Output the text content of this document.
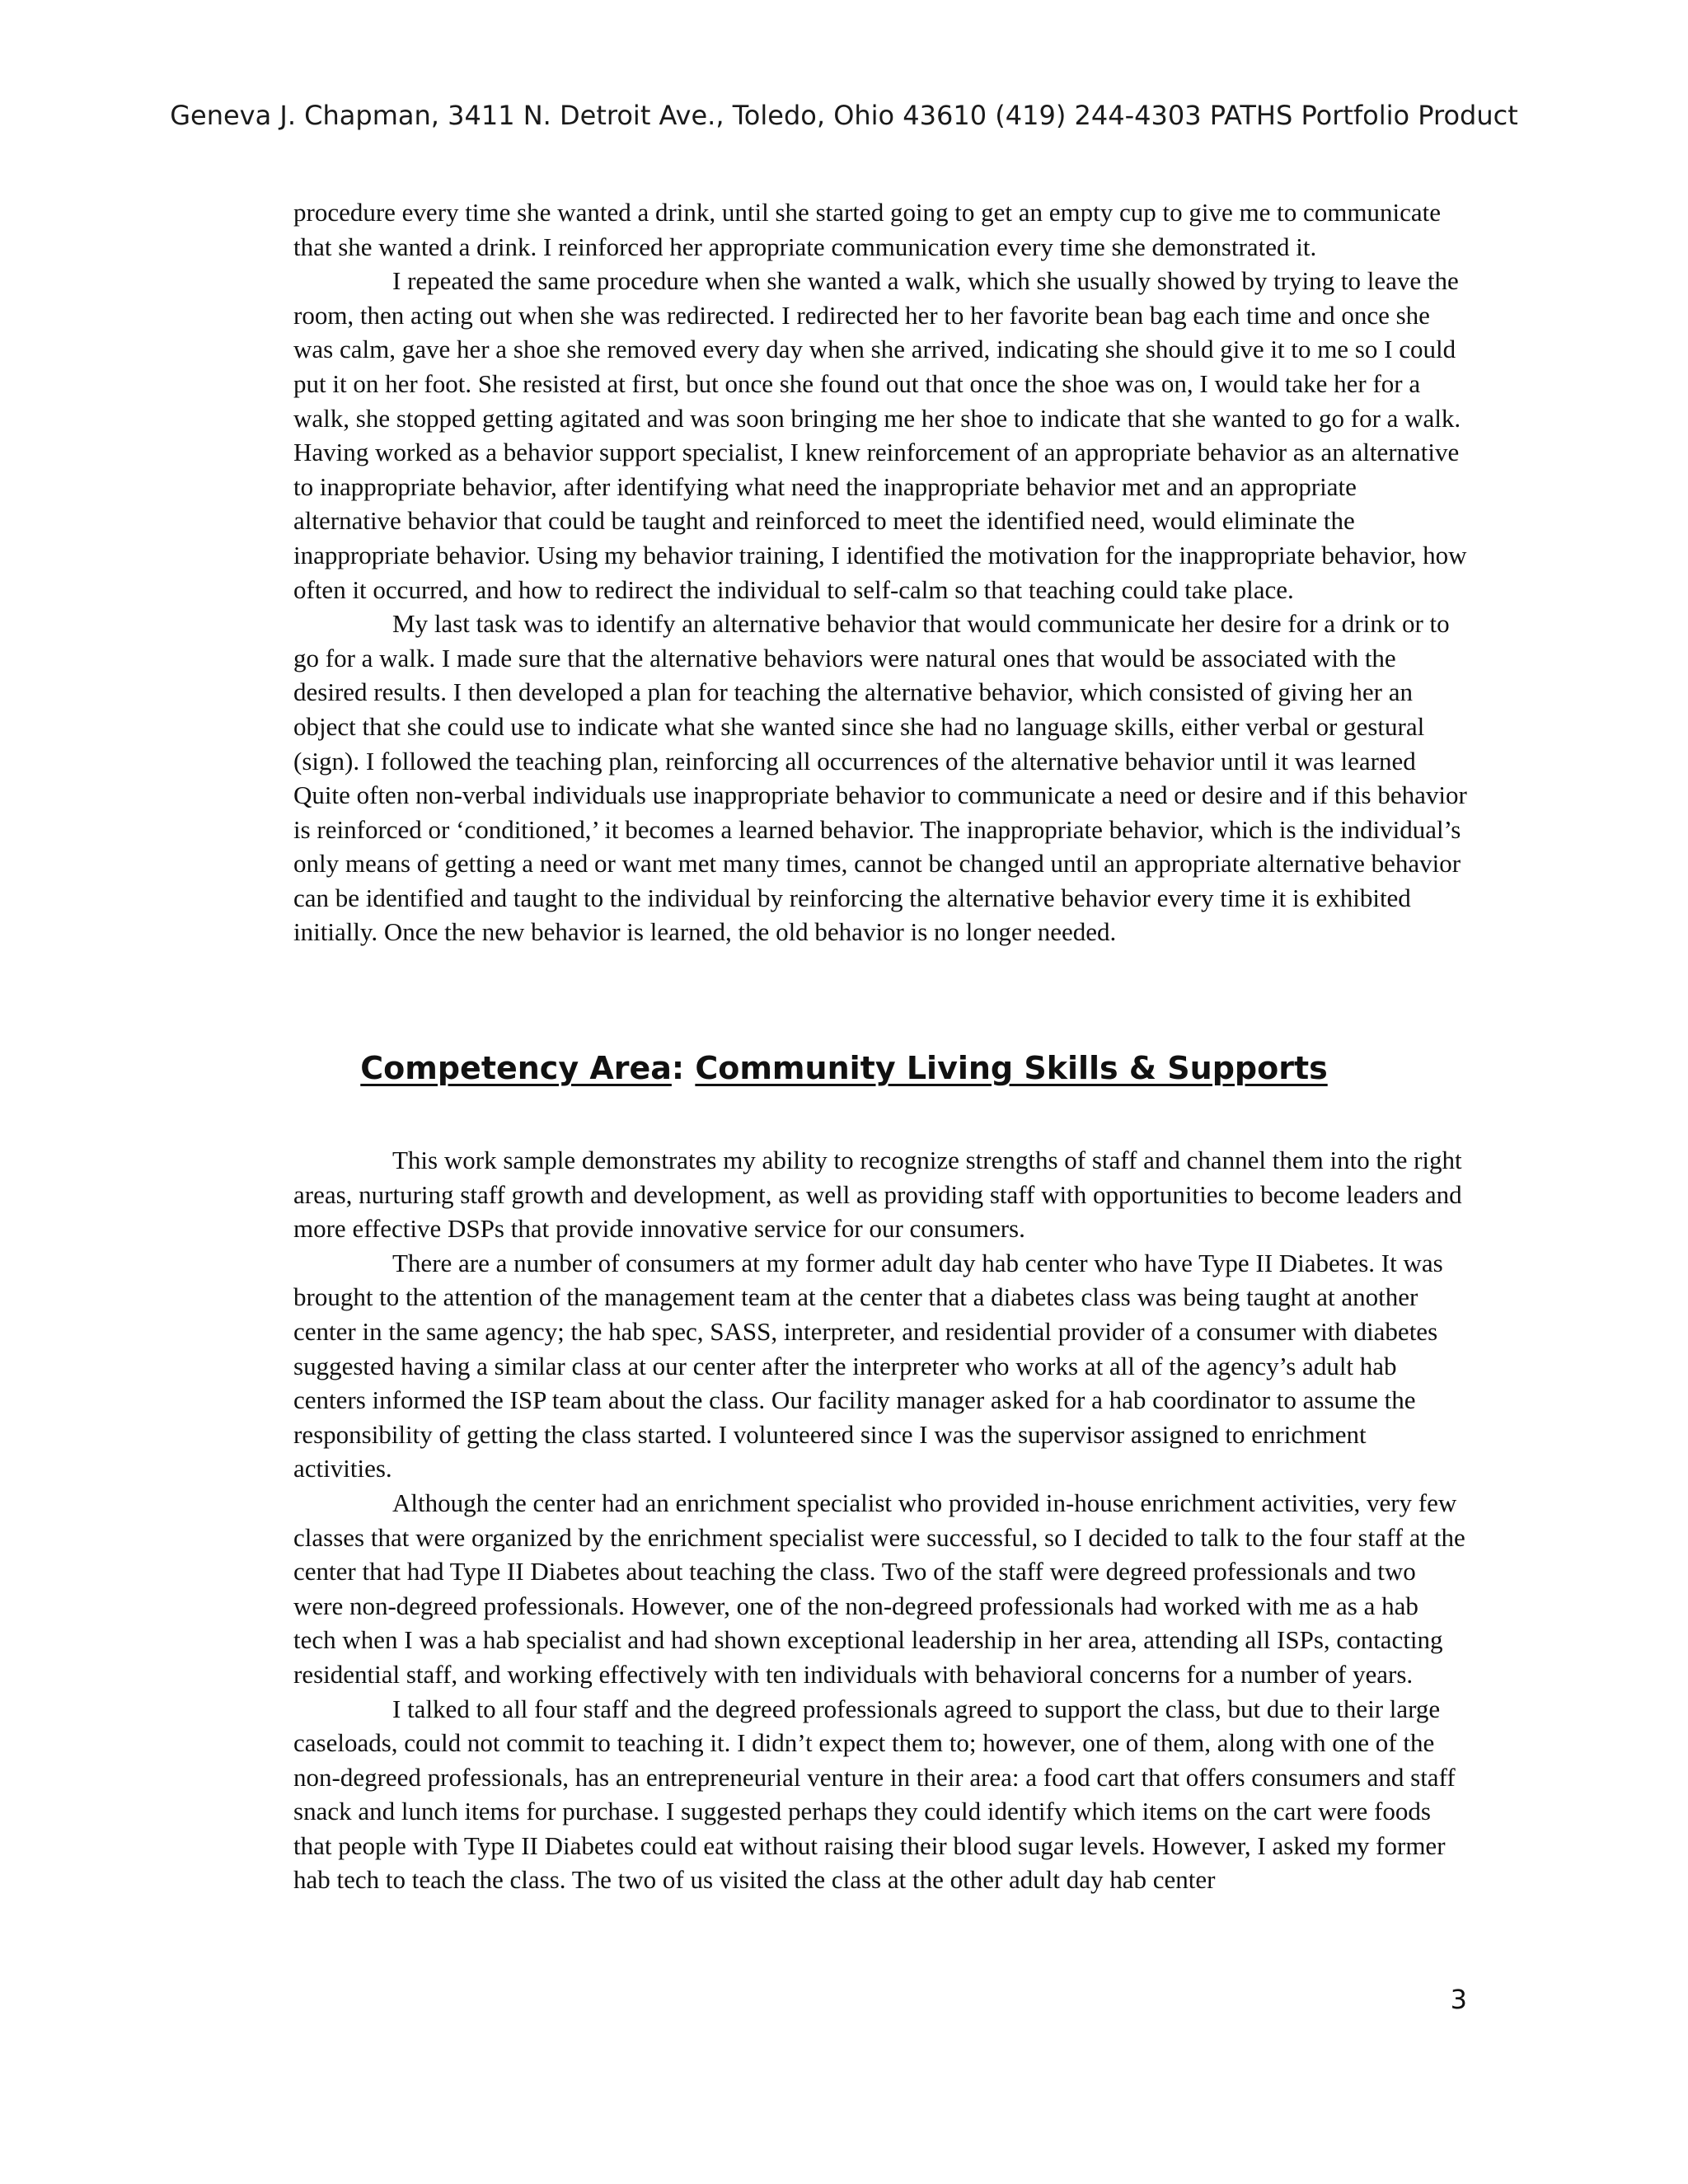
Geneva J. Chapman, 3411 N. Detroit Ave., Toledo, Ohio 43610 (419) 244-4303 PATHS Portfolio Product

procedure every time she wanted a drink, until she started going to get an empty cup to give me to communicate that she wanted a drink. I reinforced her appropriate communication every time she demonstrated it.

I repeated the same procedure when she wanted a walk, which she usually showed by trying to leave the room, then acting out when she was redirected. I redirected her to her favorite bean bag each time and once she was calm, gave her a shoe she removed every day when she arrived, indicating she should give it to me so I could put it on her foot. She resisted at first, but once she found out that once the shoe was on, I would take her for a walk, she stopped getting agitated and was soon bringing me her shoe to indicate that she wanted to go for a walk. Having worked as a behavior support specialist, I knew reinforcement of an appropriate behavior as an alternative to inappropriate behavior, after identifying what need the inappropriate behavior met and an appropriate alternative behavior that could be taught and reinforced to meet the identified need, would eliminate the inappropriate behavior. Using my behavior training, I identified the motivation for the inappropriate behavior, how often it occurred, and how to redirect the individual to self-calm so that teaching could take place.

My last task was to identify an alternative behavior that would communicate her desire for a drink or to go for a walk. I made sure that the alternative behaviors were natural ones that would be associated with the desired results. I then developed a plan for teaching the alternative behavior, which consisted of giving her an object that she could use to indicate what she wanted since she had no language skills, either verbal or gestural (sign). I followed the teaching plan, reinforcing all occurrences of the alternative behavior until it was learned Quite often non-verbal individuals use inappropriate behavior to communicate a need or desire and if this behavior is reinforced or ‘conditioned,’ it becomes a learned behavior. The inappropriate behavior, which is the individual’s only means of getting a need or want met many times, cannot be changed until an appropriate alternative behavior can be identified and taught to the individual by reinforcing the alternative behavior every time it is exhibited initially. Once the new behavior is learned, the old behavior is no longer needed.

Competency Area: Community Living Skills & Supports

This work sample demonstrates my ability to recognize strengths of staff and channel them into the right areas, nurturing staff growth and development, as well as providing staff with opportunities to become leaders and more effective DSPs that provide innovative service for our consumers.

There are a number of consumers at my former adult day hab center who have Type II Diabetes. It was brought to the attention of the management team at the center that a diabetes class was being taught at another center in the same agency; the hab spec, SASS, interpreter, and residential provider of a consumer with diabetes suggested having a similar class at our center after the interpreter who works at all of the agency’s adult hab centers informed the ISP team about the class. Our facility manager asked for a hab coordinator to assume the responsibility of getting the class started. I volunteered since I was the supervisor assigned to enrichment activities.

Although the center had an enrichment specialist who provided in-house enrichment activities, very few classes that were organized by the enrichment specialist were successful, so I decided to talk to the four staff at the center that had Type II Diabetes about teaching the class. Two of the staff were degreed professionals and two were non-degreed professionals. However, one of the non-degreed professionals had worked with me as a hab tech when I was a hab specialist and had shown exceptional leadership in her area, attending all ISPs, contacting residential staff, and working effectively with ten individuals with behavioral concerns for a number of years.

I talked to all four staff and the degreed professionals agreed to support the class, but due to their large caseloads, could not commit to teaching it. I didn’t expect them to; however, one of them, along with one of the non-degreed professionals, has an entrepreneurial venture in their area: a food cart that offers consumers and staff snack and lunch items for purchase. I suggested perhaps they could identify which items on the cart were foods that people with Type II Diabetes could eat without raising their blood sugar levels. However, I asked my former hab tech to teach the class. The two of us visited the class at the other adult day hab center

3
